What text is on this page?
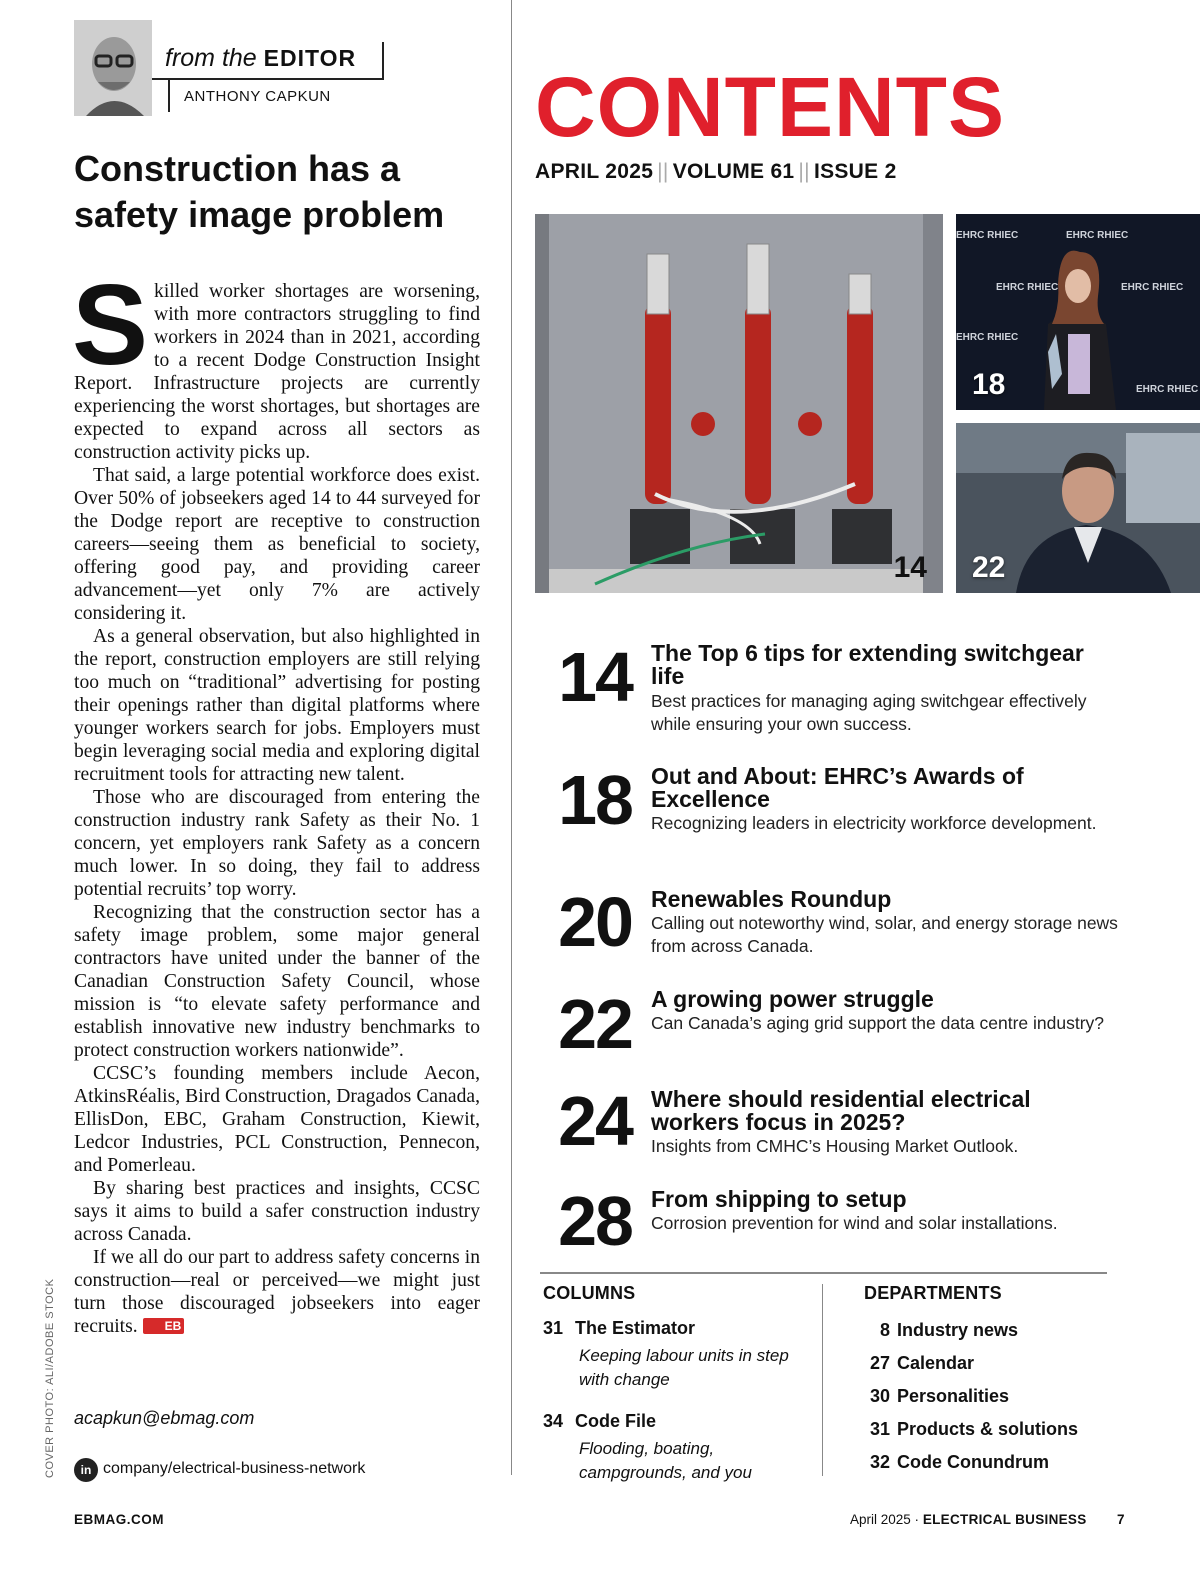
from the EDITOR
ANTHONY CAPKUN
Construction has a safety image problem

Skilled worker shortages are worsening, with more contractors struggling to find workers in 2024 than in 2021, according to a recent Dodge Construction Insight Report. Infrastructure projects are currently experiencing the worst shortages, but shortages are expected to expand across all sectors as construction activity picks up.

That said, a large potential workforce does exist. Over 50% of jobseekers aged 14 to 44 surveyed for the Dodge report are receptive to construction careers—seeing them as beneficial to society, offering good pay, and providing career advancement—yet only 7% are actively considering it.

As a general observation, but also highlighted in the report, construction employers are still relying too much on “traditional” advertising for posting their openings rather than digital platforms where younger workers search for jobs. Employers must begin leveraging social media and exploring digital recruitment tools for attracting new talent.

Those who are discouraged from entering the construction industry rank Safety as their No. 1 concern, yet employers rank Safety as a concern much lower. In so doing, they fail to address potential recruits’ top worry.

Recognizing that the construction sector has a safety image problem, some major general contractors have united under the banner of the Canadian Construction Safety Council, whose mission is “to elevate safety performance and establish innovative new industry benchmarks to protect construction workers nationwide”.

CCSC’s founding members include Aecon, AtkinsRéalis, Bird Construction, Dragados Canada, EllisDon, EBC, Graham Construction, Kiewit, Ledcor Industries, PCL Construction, Pennecon, and Pomerleau.

By sharing best practices and insights, CCSC says it aims to build a safer construction industry across Canada.

If we all do our part to address safety concerns in construction—real or perceived—we might just turn those discouraged jobseekers into eager recruits. EB

acapkun@ebmag.com
in company/electrical-business-network
COVER PHOTO: ALI/ADOBE STOCK
CONTENTS
APRIL 2025 || VOLUME 61 || ISSUE 2
14
EHRC RHIEC	EHRC RHIEC
EHRC RHIEC	EHRC RHIEC
EHRC RHIEC
EHRC RHIEC
18
22
14 The Top 6 tips for extending switchgear life
Best practices for managing aging switchgear effectively while ensuring your own success.
18 Out and About: EHRC’s Awards of Excellence
Recognizing leaders in electricity workforce development.
20 Renewables Roundup
Calling out noteworthy wind, solar, and energy storage news from across Canada.
22 A growing power struggle
Can Canada’s aging grid support the data centre industry?
24 Where should residential electrical workers focus in 2025?
Insights from CMHC’s Housing Market Outlook.
28 From shipping to setup
Corrosion prevention for wind and solar installations.
COLUMNS
31 The Estimator
Keeping labour units in step with change
34 Code File
Flooding, boating, campgrounds, and you
DEPARTMENTS
8 Industry news
27 Calendar
30 Personalities
31 Products & solutions
32 Code Conundrum
EBMAG.COM	April 2025 · ELECTRICAL BUSINESS 7
